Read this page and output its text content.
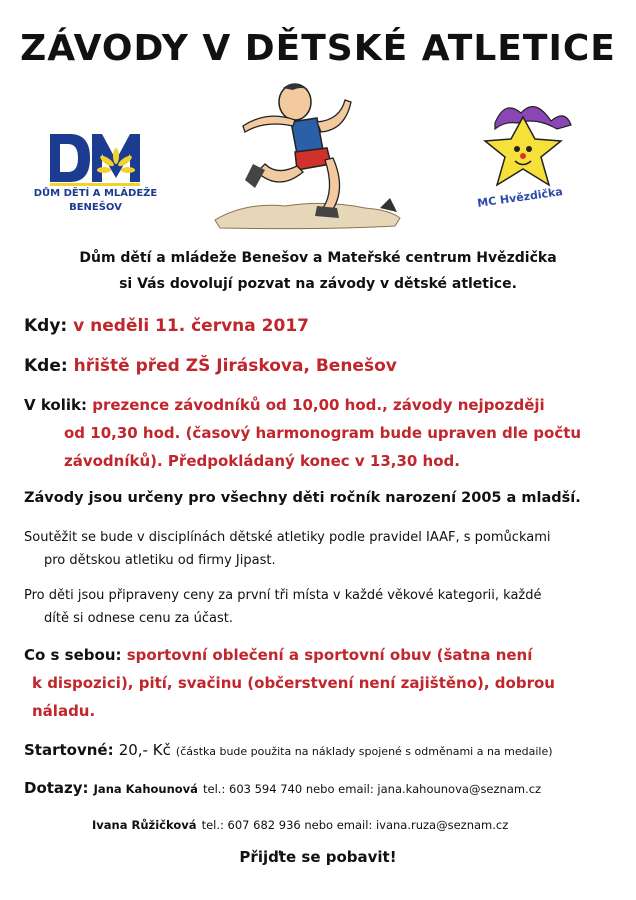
ZÁVODY V DĚTSKÉ ATLETICE
DŮM DĚTÍ A MLÁDEŽE
BENEŠOV	MC Hvězdička
Dům dětí a mládeže Benešov a Mateřské centrum Hvězdička
si Vás dovolují pozvat na závody v dětské atletice.
Kdy: v neděli 11. června 2017
Kde: hřiště před ZŠ Jiráskova, Benešov
V kolik: prezence závodníků od 10,00 hod., závody nejpozději
od 10,30 hod. (časový harmonogram bude upraven dle počtu
závodníků). Předpokládaný konec v 13,30 hod.
Závody jsou určeny pro všechny děti ročník narození 2005 a mladší.
Soutěžit se bude v disciplínách dětské atletiky podle pravidel IAAF, s pomůckami
pro dětskou atletiku od firmy Jipast.
Pro děti jsou připraveny ceny za první tři místa v každé věkové kategorii, každé
dítě si odnese cenu za účast.
Co s sebou: sportovní oblečení a sportovní obuv (šatna není
k dispozici), pití, svačinu (občerstvení není zajištěno), dobrou
náladu.
Startovné: 20,- Kč (částka bude použita na náklady spojené s odměnami a na medaile)
Dotazy: Jana Kahounová tel.: 603 594 740 nebo email: jana.kahounova@seznam.cz
Ivana Růžičková tel.: 607 682 936 nebo email: ivana.ruza@seznam.cz
Přijďte se pobavit!
